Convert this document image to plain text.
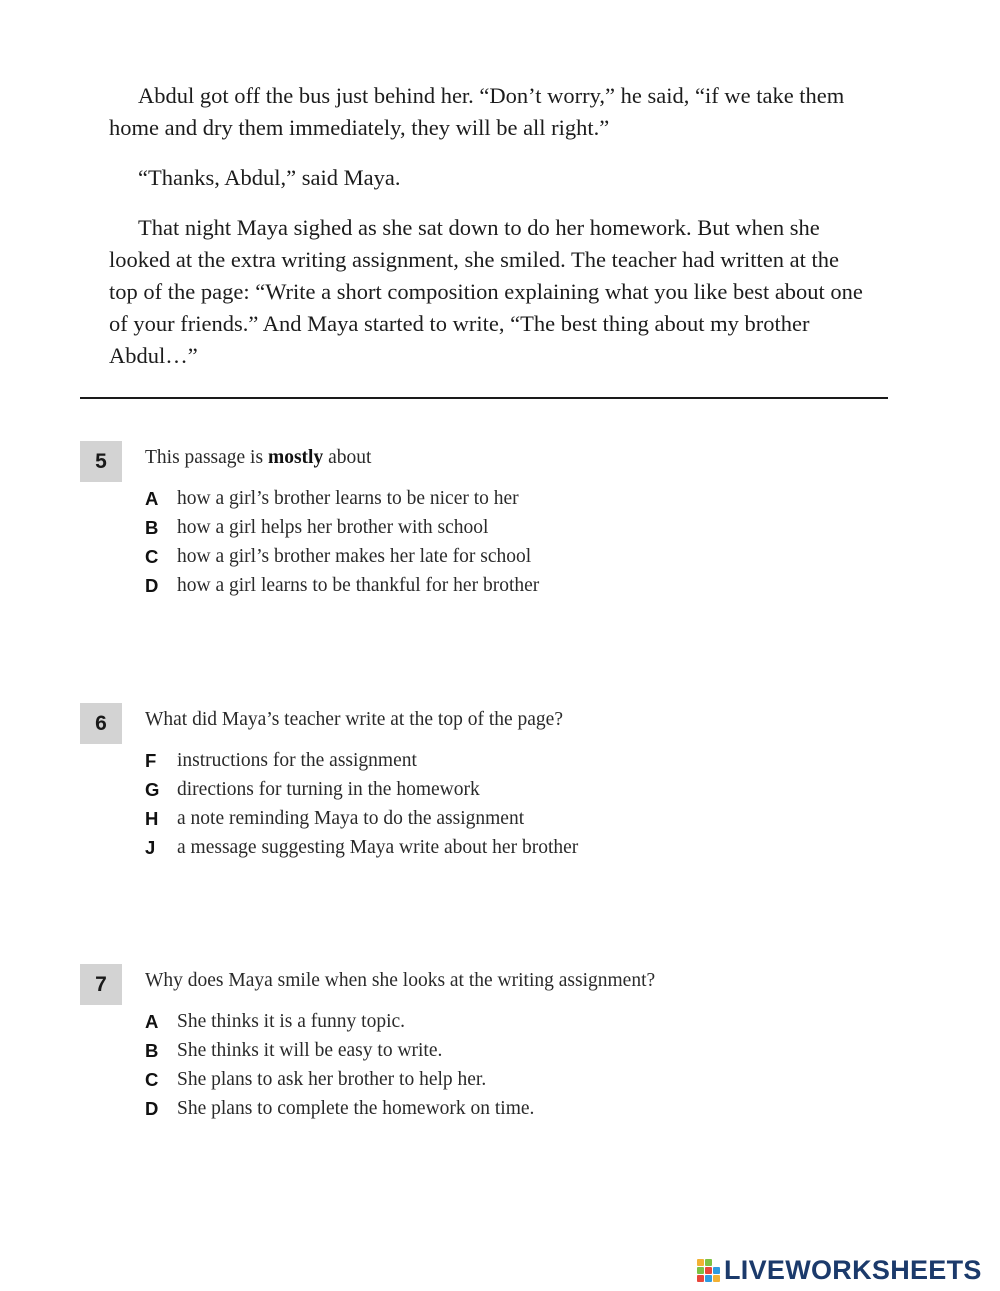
Abdul got off the bus just behind her. “Don’t worry,” he said, “if we take them home and dry them immediately, they will be all right.”

“Thanks, Abdul,” said Maya.

That night Maya sighed as she sat down to do her homework. But when she looked at the extra writing assignment, she smiled. The teacher had written at the top of the page: “Write a short composition explaining what you like best about one of your friends.” And Maya started to write, “The best thing about my brother Abdul…”

5	This passage is mostly about
A how a girl’s brother learns to be nicer to her
B how a girl helps her brother with school
C how a girl’s brother makes her late for school
D how a girl learns to be thankful for her brother
6	What did Maya’s teacher write at the top of the page?
F	instructions for the assignment
G directions for turning in the homework
H a note reminding Maya to do the assignment
J	a message suggesting Maya write about her brother
7	Why does Maya smile when she looks at the writing assignment?
A She thinks it is a funny topic.
B She thinks it will be easy to write.
C She plans to ask her brother to help her.
D She plans to complete the homework on time.
LIVEWORKSHEETS
